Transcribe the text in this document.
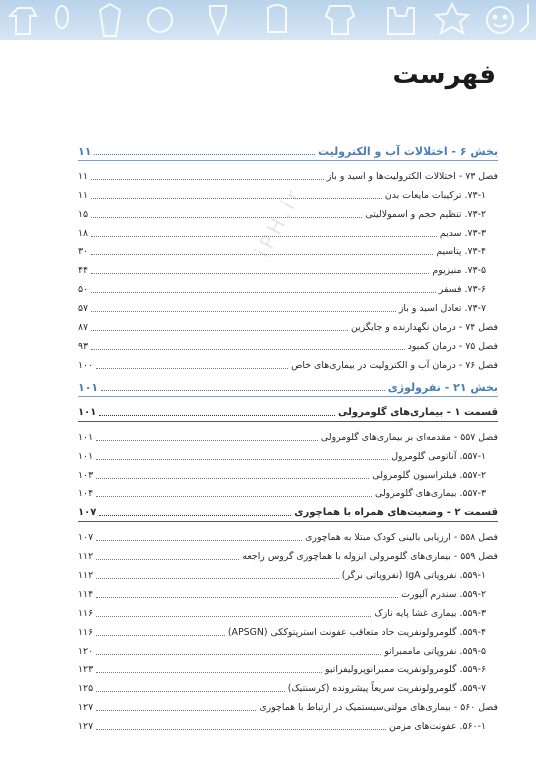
فهرست
iPH.ir
بخش ۶ - اختلالات آب و الکترولیت
۱۱
فصل ۷۳ - اختلالات الکترولیت‌ها و اسید و باز
۱۱
۷۳-۱. ترکیبات مایعات بدن
۱۱
۷۳-۲. تنظیم حجم و اسمولالیتی
۱۵
۷۳-۳. سدیم
۱۸
۷۳-۴. پتاسیم
۳۰
۷۳-۵. منیزیوم
۴۴
۷۳-۶. فسفر
۵۰
۷۳-۷. تعادل اسید و باز
۵۷
فصل ۷۴ - درمان نگهدارنده و جایگزین
۸۷
فصل ۷۵ - درمان کمبود
۹۳
فصل ۷۶ - درمان آب و الکترولیت در بیماری‌های خاص
۱۰۰
بخش ۲۱ - نفرولوژی
۱۰۱
قسمت ۱ - بیماری‌های گلومرولی
۱۰۱
فصل ۵۵۷ - مقدمه‌ای بر بیماری‌های گلومرولی
۱۰۱
۵۵۷-۱. آناتومی گلومرول
۱۰۱
۵۵۷-۲. فیلتراسیون گلومرولی
۱۰۳
۵۵۷-۳. بیماری‌های گلومرولی
۱۰۴
قسمت ۲ - وضعیت‌های همراه با هماچوری
۱۰۷
فصل ۵۵۸ - ارزیابی بالینی کودک مبتلا به هماچوری
۱۰۷
فصل ۵۵۹ - بیماری‌های گلومرولی ایزوله با هماچوری گروس راجعه
۱۱۲
۵۵۹-۱. نفروپاتی IgA (نفروپاتی برگر)
۱۱۲
۵۵۹-۲. سندرم آلپورت
۱۱۴
۵۵۹-۳. بیماری غشا پایه نازک
۱۱۶
۵۵۹-۴. گلومرولونفریت حاد متعاقب عفونت استرپتوککی (APSGN)
۱۱۶
۵۵۹-۵. نفروپاتی ماممبرانو
۱۲۰
۵۵۹-۶. گلومرولونفریت ممبرانوپرولیفراتیو
۱۲۳
۵۵۹-۷. گلومرولونفریت سریعاً پیشرونده (کرسنتیک)
۱۲۵
فصل ۵۶۰ - بیماری‌های مولتی‌سیستمیک در ارتباط با هماچوری
۱۲۷
۵۶۰-۱. عفونت‌های مزمن
۱۲۷
